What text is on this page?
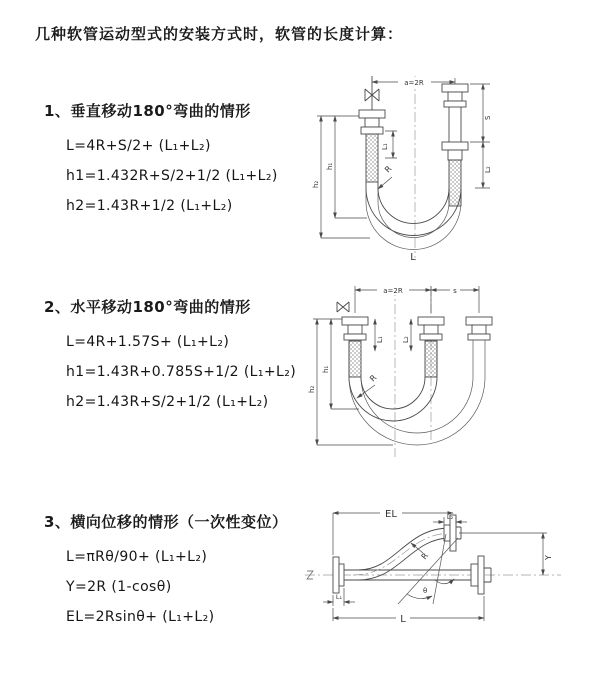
几种软管运动型式的安装方式时，软管的长度计算：
1、垂直移动180°弯曲的情形
L=4R+S/2+ (L₁+L₂)
h1=1.432R+S/2+1/2 (L₁+L₂)
h2=1.43R+1/2 (L₁+L₂)
2、水平移动180°弯曲的情形
L=4R+1.57S+ (L₁+L₂)
h1=1.43R+0.785S+1/2 (L₁+L₂)
h2=1.43R+S/2+1/2 (L₁+L₂)
3、横向位移的情形（一次性变位）
L=πRθ/90+ (L₁+L₂)
Y=2R (1-cosθ)
EL=2Rsinθ+ (L₁+L₂)
a=2R
L₁
S
L₂
R
h₁
h₂
L
a=2R	s
L₁	L₂
R
h₁
h₂
EL	L₂
Y
θ
R
L₁
L
